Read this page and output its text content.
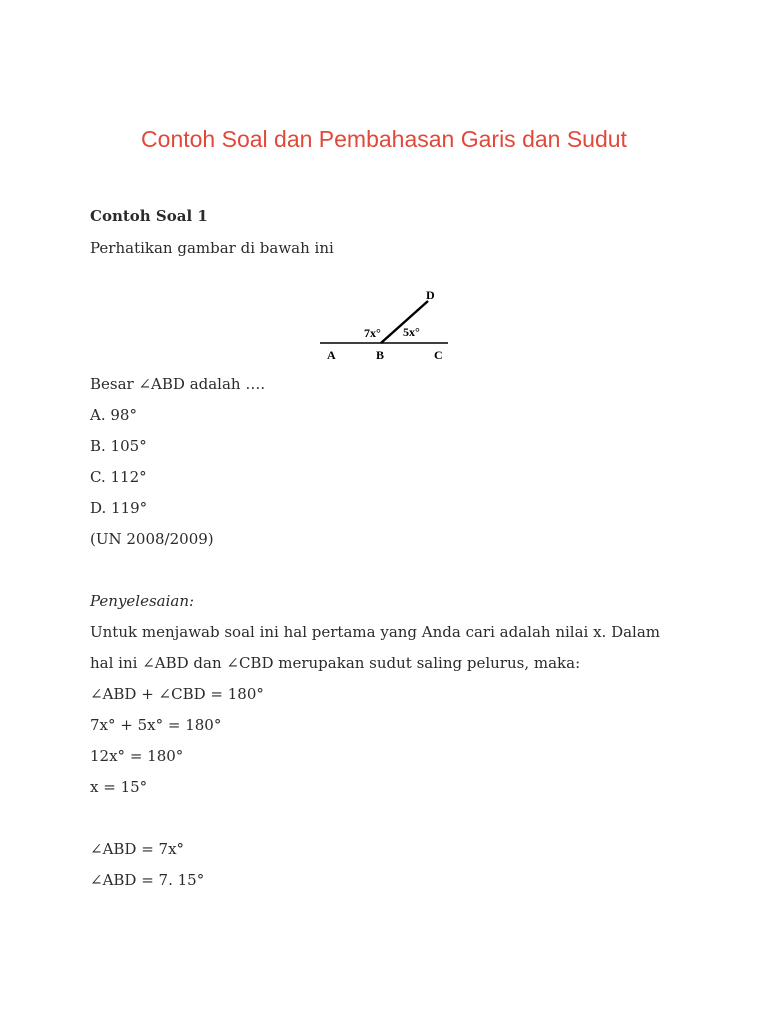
Contoh Soal dan Pembahasan Garis dan Sudut
Contoh Soal 1
Perhatikan gambar di bawah ini
D
7x° 5x°
A	B	C
Besar ∠ABD adalah ….
A. 98°
B. 105°
C. 112°
D. 119°
(UN 2008/2009)
Penyelesaian:
Untuk menjawab soal ini hal pertama yang Anda cari adalah nilai x. Dalam
hal ini ∠ABD dan ∠CBD merupakan sudut saling pelurus, maka:
∠ABD + ∠CBD = 180°
7x° + 5x° = 180°
12x° = 180°
x = 15°
∠ABD = 7x°
∠ABD = 7. 15°
